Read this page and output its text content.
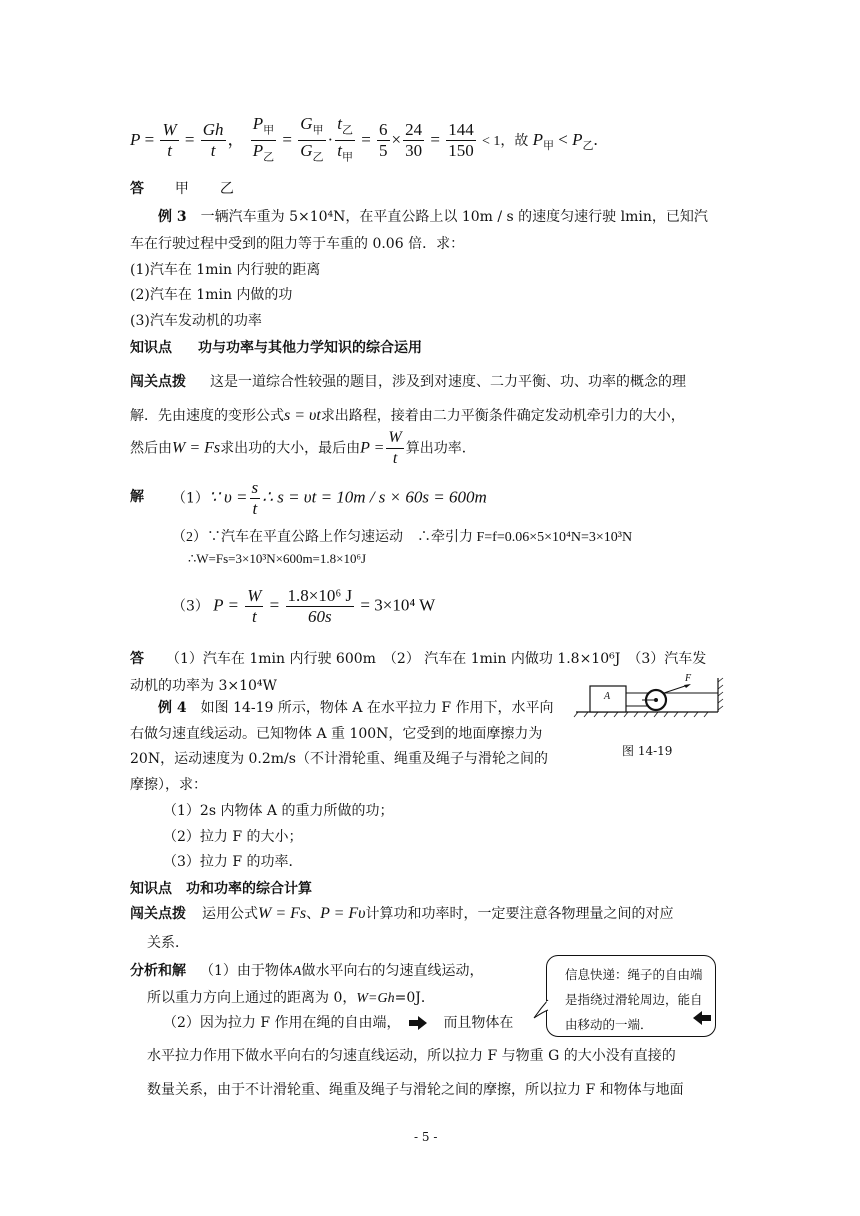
$P = \frac{W}{t} = \frac{Gh}{t}$ ， $\frac{P_甲}{P_乙} = \frac{G_甲}{G_乙} \cdot \frac{t_乙}{t_甲} = \frac{6}{5} \times \frac{24}{30} = \frac{144}{150} < 1$，故 $P_甲 < P_乙$.
答 甲 乙
例 3　 一辆汽车重为 5×10⁴N，在平直公路上以 10m / s 的速度匀速行驶 lmin，已知汽
车在行驶过程中受到的阻力等于车重的 0.06 倍．求：
(1)汽车在 1min 内行驶的距离
(2)汽车在 1min 内做的功
(3)汽车发动机的功率
知识点 功与功率与其他力学知识的综合运用
闯关点拨 这是一道综合性较强的题目，涉及到对速度、二力平衡、功、功率的概念的理
解．先由速度的变形公式s = υt求出路程，接着由二力平衡条件确定发动机牵引力的大小，
然后由W = Fs求出功的大小，最后由$P = \frac{W}{t}$ 算出功率．
解 （1）∵ $\upsilon = \frac{s}{t}$ ∴ s = υt = 10m / s × 60s = 600m
（2）∵汽车在平直公路上作匀速运动　∴牵引力 F=f=0.06×5×10⁴N=3×10³N
∴W=Fs=3×10³N×600m=1.8×10⁶J
（3） $P = \frac{W}{t} = \frac{\text{1.8×10⁶ J}}{60s} = 3\times 10^4$ W
答 （1）汽车在 1min 内行驶 600m　（2） 汽车在 1min 内做功 1.8×10⁶J　（3）汽车发
动机的功率为 3×10⁴W
例 4　 如图 14-19 所示，物体 A 在水平拉力 F 作用下，水平向
右做匀速直线运动。已知物体 A 重 100N，它受到的地面摩擦力为
20N，运动速度为 0.2m/s（不计滑轮重、绳重及绳子与滑轮之间的
摩擦），求：
（1）2s 内物体 A 的重力所做的功；
（2）拉力 F 的大小；
（3）拉力 F 的功率．
A
F
图 14-19
知识点 功和功率的综合计算
闯关点拨 运用公式W = Fs、P = Fυ计算功和功率时，一定要注意各物理量之间的对应
关系．
分析和解 （1）由于物体A做水平向右的匀速直线运动，
所以重力方向上通过的距离为 0，W=Gh=0J．
（2）因为拉力 F 作用在绳的自由端，	而且物体在
水平拉力作用下做水平向右的匀速直线运动，所以拉力 F 与物重 G 的大小没有直接的
数量关系，由于不计滑轮重、绳重及绳子与滑轮之间的摩擦，所以拉力 F 和物体与地面
信息快递：绳子的自由端是指绕过滑轮周边，能自由移动的一端．
- 5 -
